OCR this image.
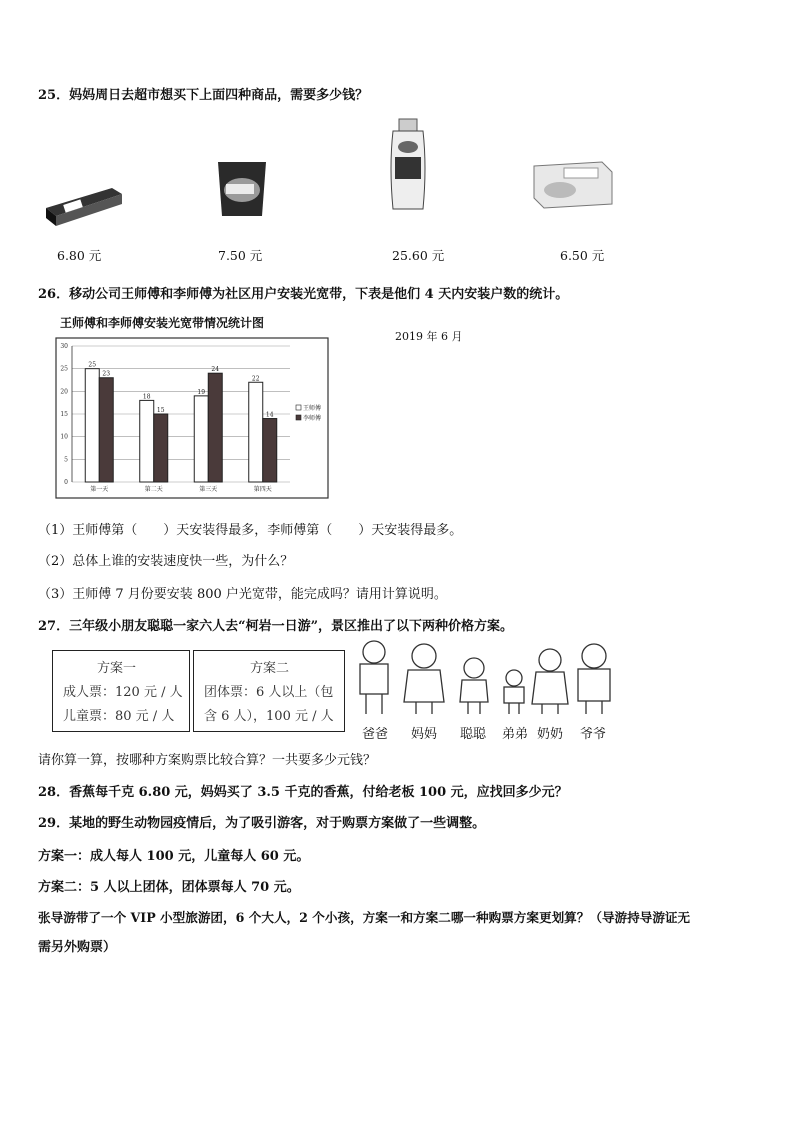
25．妈妈周日去超市想买下上面四种商品，需要多少钱？
6.80 元	7.50 元	25.60 元	6.50 元
26．移动公司王师傅和李师傅为社区用户安装光宽带，下表是他们 4 天内安装户数的统计。
王师傅和李师傅安装光宽带情况统计图
2019 年 6 月
0
5
10
15
20
25
30
25
23
第一天
18
15
第二天
19
24
第三天
22
14
第四天
王师傅
李师傅
（1）王师傅第（　　）天安装得最多，李师傅第（　　）天安装得最多。
（2）总体上谁的安装速度快一些，为什么？
（3）王师傅 7 月份要安装 800 户光宽带，能完成吗？请用计算说明。
27．三年级小朋友聪聪一家六人去“柯岩一日游”，景区推出了以下两种价格方案。
方案一
成人票：120 元 / 人
儿童票：80 元 / 人
方案二
团体票：6 人以上（包
含 6 人），100 元 / 人
爸爸 妈妈 聪聪 弟弟 奶奶 爷爷
请你算一算，按哪种方案购票比较合算？一共要多少元钱？
28．香蕉每千克 6.80 元，妈妈买了 3.5 千克的香蕉，付给老板 100 元，应找回多少元？
29．某地的野生动物园疫情后，为了吸引游客，对于购票方案做了一些调整。
方案一：成人每人 100 元，儿童每人 60 元。
方案二：5 人以上团体，团体票每人 70 元。
张导游带了一个 VIP 小型旅游团，6 个大人，2 个小孩，方案一和方案二哪一种购票方案更划算？（导游持导游证无
需另外购票）
